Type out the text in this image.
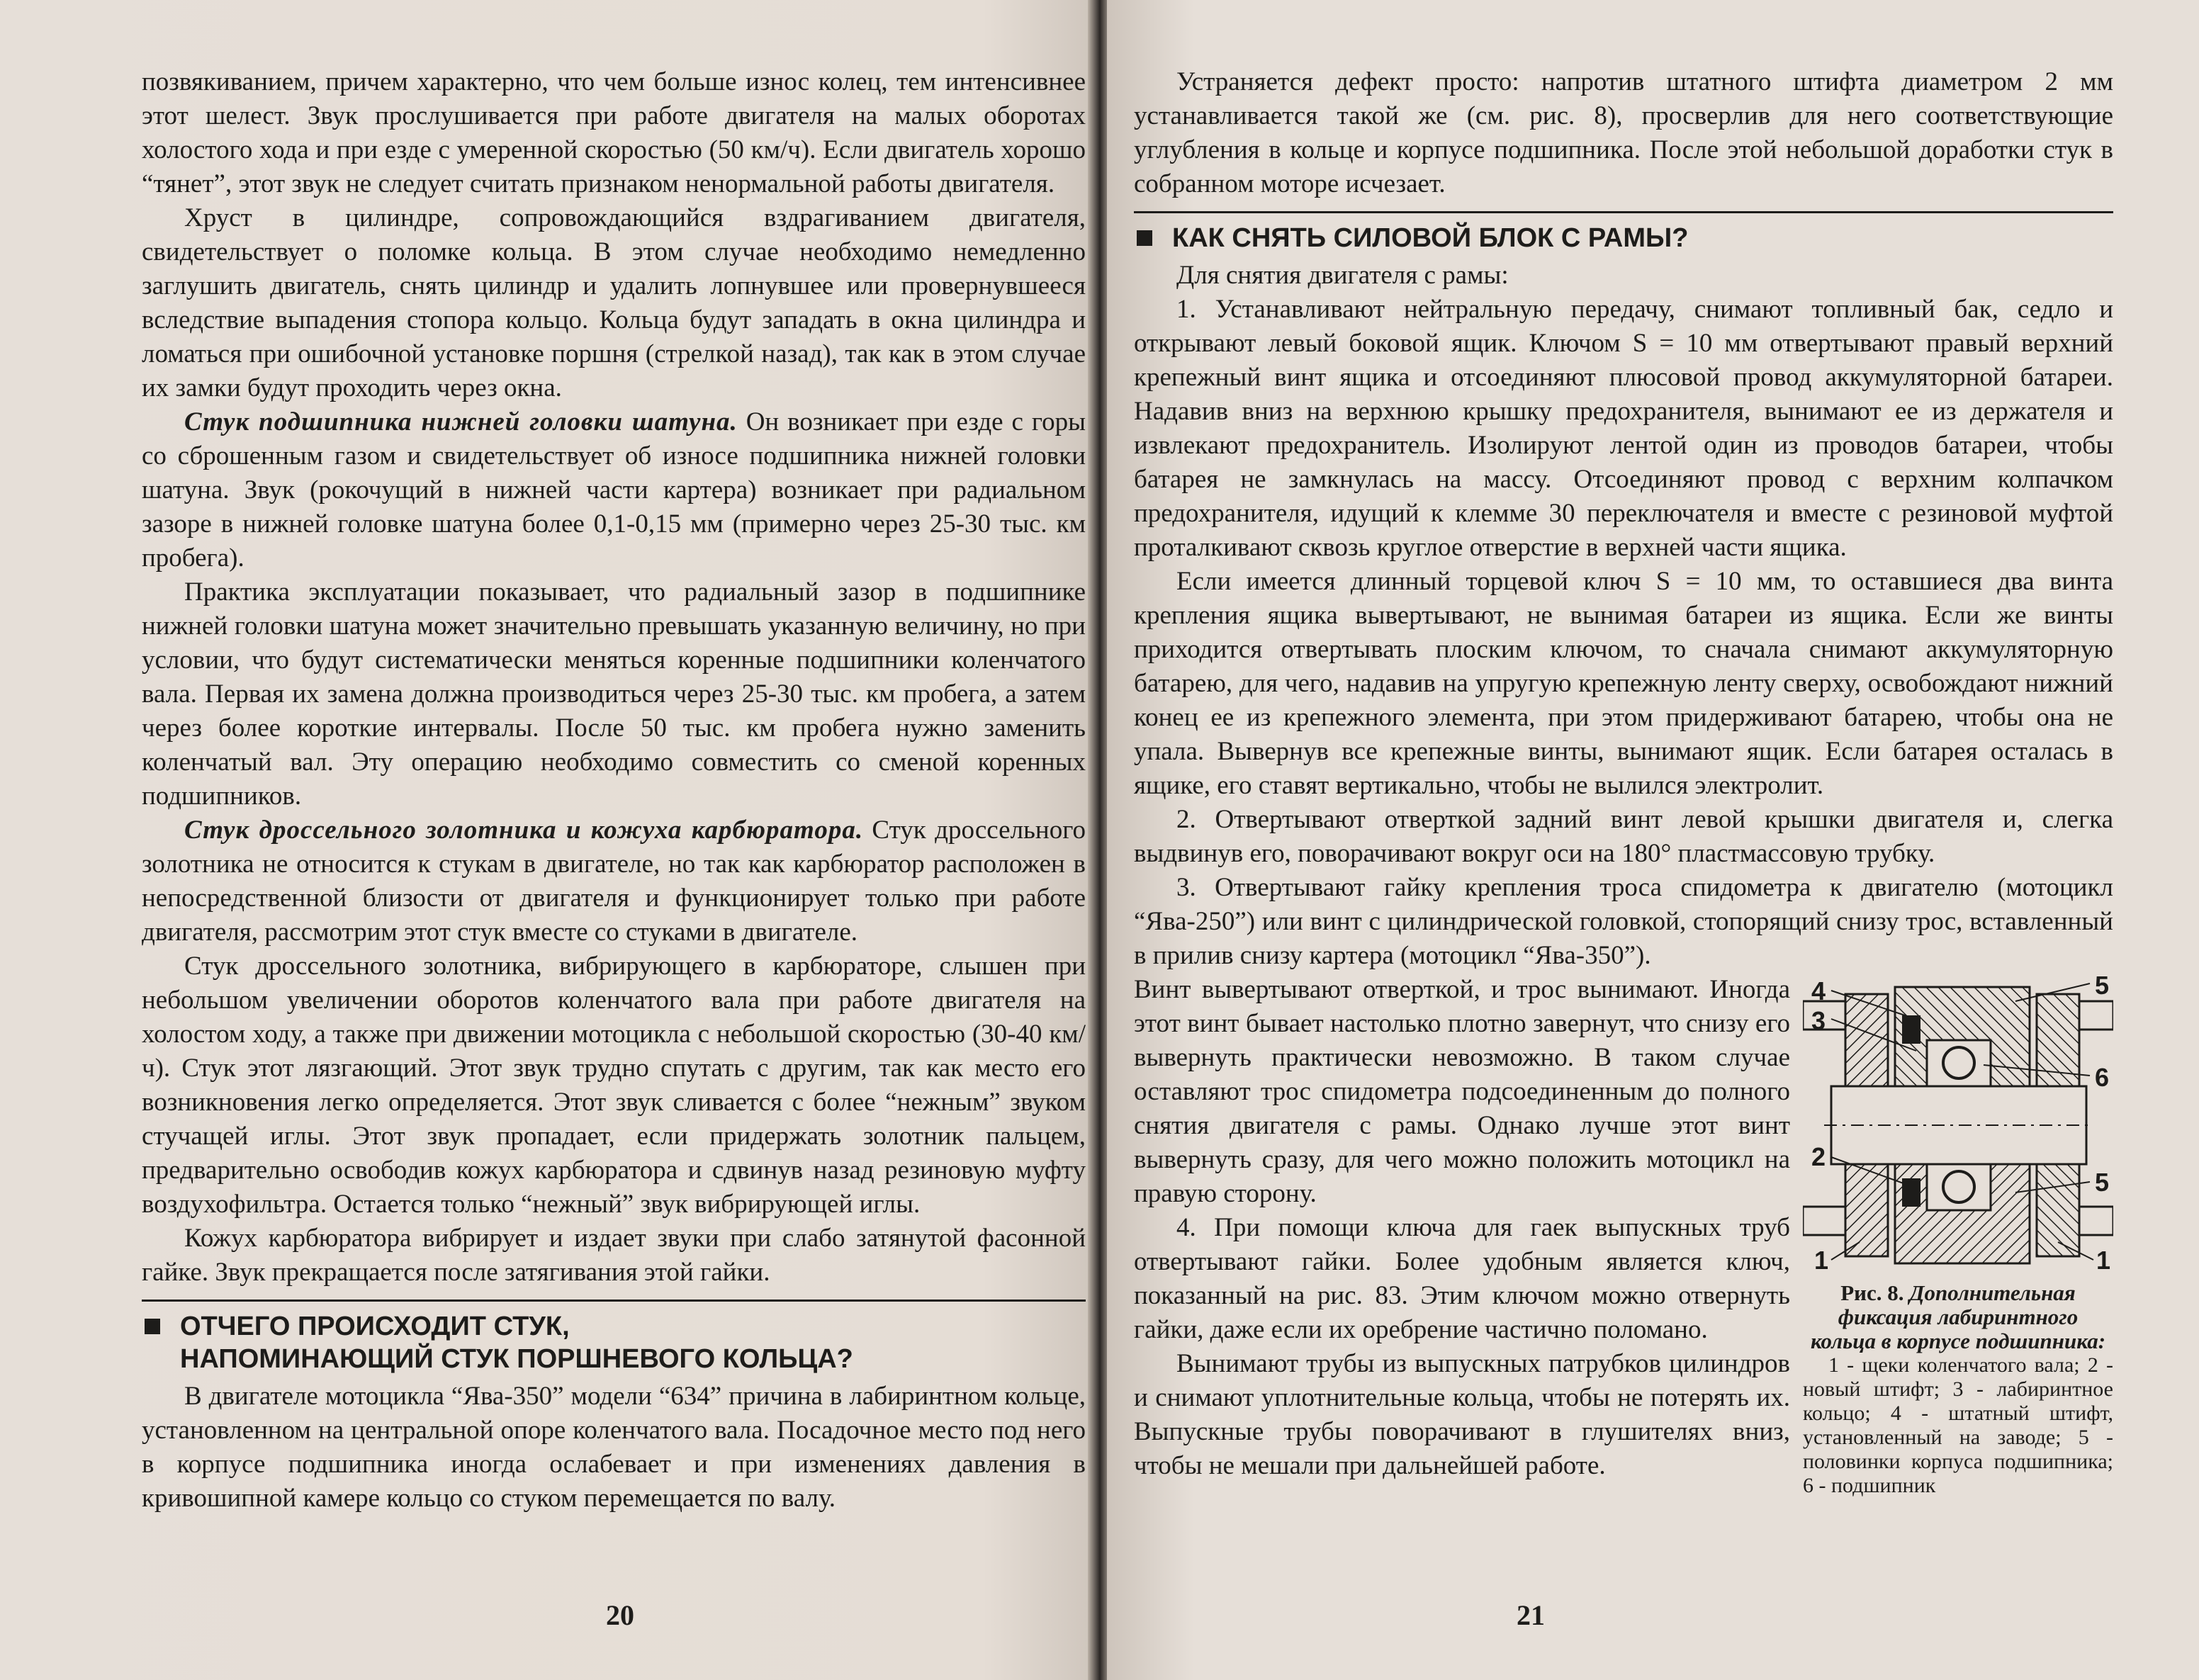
позвякиванием, причем характерно, что чем больше износ колец, тем интенсивнее этот шелест. Звук прослушивается при работе двигателя на малых оборотах холостого хода и при езде с умеренной скоростью (50 км/ч). Если двигатель хорошо “тянет”, этот звук не следует считать признаком ненормальной работы двигателя.

Хруст в цилиндре, сопровождающийся вздрагиванием двигателя, свидетельствует о поломке кольца. В этом случае необходимо немедленно заглушить двигатель, снять цилиндр и удалить лопнувшее или провернувшееся вследствие выпадения стопора кольцо. Кольца будут западать в окна цилиндра и ломаться при ошибочной установке поршня (стрелкой назад), так как в этом случае их замки будут проходить через окна.

Стук подшипника нижней головки шатуна. Он возникает при езде с горы со сброшенным газом и свидетельствует об износе подшипника нижней головки шатуна. Звук (рокочущий в нижней части картера) возникает при радиальном зазоре в нижней головке шатуна более 0,1-0,15 мм (примерно через 25-30 тыс. км пробега).

Практика эксплуатации показывает, что радиальный зазор в подшипнике нижней головки шатуна может значительно превышать указанную величину, но при условии, что будут систематически меняться коренные подшипники коленчатого вала. Первая их замена должна производиться через 25-30 тыс. км пробега, а затем через более короткие интервалы. После 50 тыс. км пробега нужно заменить коленчатый вал. Эту операцию необходимо совместить со сменой коренных подшипников.

Стук дроссельного золотника и кожуха карбюратора. Стук дроссельного золотника не относится к стукам в двигателе, но так как карбюратор расположен в непосредственной близости от двигателя и функционирует только при работе двигателя, рассмотрим этот стук вместе со стуками в двигателе.

Стук дроссельного золотника, вибрирующего в карбюраторе, слышен при небольшом увеличении оборотов коленчатого вала при работе двигателя на холостом ходу, а также при движении мотоцикла с небольшой скоростью (30-40 км/ч). Стук этот лязгающий. Этот звук трудно спутать с другим, так как место его возникновения легко определяется. Этот звук сливается с более “нежным” звуком стучащей иглы. Этот звук пропадает, если придержать золотник пальцем, предварительно освободив кожух карбюратора и сдвинув назад резиновую муфту воздухофильтра. Остается только “нежный” звук вибрирующей иглы.

Кожух карбюратора вибрирует и издает звуки при слабо затянутой фасонной гайке. Звук прекращается после затягивания этой гайки.

ОТЧЕГО ПРОИСХОДИТ СТУК,
НАПОМИНАЮЩИЙ СТУК ПОРШНЕВОГО КОЛЬЦА?

В двигателе мотоцикла “Ява-350” модели “634” причина в лабиринтном кольце, установленном на центральной опоре коленчатого вала. Посадочное место под него в корпусе подшипника иногда ослабевает и при изменениях давления в кривошипной камере кольцо со стуком перемещается по валу.

20

Устраняется дефект просто: напротив штатного штифта диаметром 2 мм устанавливается такой же (см. рис. 8), просверлив для него соответствующие углубления в кольце и корпусе подшипника. После этой небольшой доработки стук в собранном моторе исчезает.

КАК СНЯТЬ СИЛОВОЙ БЛОК С РАМЫ?

Для снятия двигателя с рамы:

1. Устанавливают нейтральную передачу, снимают топливный бак, седло и открывают левый боковой ящик. Ключом S = 10 мм отвертывают правый верхний крепежный винт ящика и отсоединяют плюсовой провод аккумуляторной батареи. Надавив вниз на верхнюю крышку предохранителя, вынимают ее из держателя и извлекают предохранитель. Изолируют лентой один из проводов батареи, чтобы батарея не замкнулась на массу. Отсоединяют провод с верхним колпачком предохранителя, идущий к клемме 30 переключателя и вместе с резиновой муфтой проталкивают сквозь круглое отверстие в верхней части ящика.

Если имеется длинный торцевой ключ S = 10 мм, то оставшиеся два винта крепления ящика вывертывают, не вынимая батареи из ящика. Если же винты приходится отвертывать плоским ключом, то сначала снимают аккумуляторную батарею, для чего, надавив на упругую крепежную ленту сверху, освобождают нижний конец ее из крепежного элемента, при этом придерживают батарею, чтобы она не упала. Вывернув все крепежные винты, вынимают ящик. Если батарея осталась в ящике, его ставят вертикально, чтобы не вылился электролит.

2. Отвертывают отверткой задний винт левой крышки двигателя и, слегка выдвинув его, поворачивают вокруг оси на 180° пластмассовую трубку.

3. Отвертывают гайку крепления троса спидометра к двигателю (мотоцикл “Ява-250”) или винт с цилиндрической головкой, стопорящий снизу трос, вставленный в прилив снизу картера (мотоцикл “Ява-350”).

4
3
2
1
5
6
5
1
Рис. 8. Дополнительная фиксация лабиринтного кольца в корпусе подшипника:
1 - щеки коленчатого вала; 2 - новый штифт; 3 - лабиринтное кольцо; 4 - штатный штифт, установленный на заводе; 5 - половинки корпуса подшипника; 6 - подшипник

Винт вывертывают отверткой, и трос вынимают. Иногда этот винт бывает настолько плотно завернут, что снизу его вывернуть практически невозможно. В таком случае оставляют трос спидометра подсоединенным до полного снятия двигателя с рамы. Однако лучше этот винт вывернуть сразу, для чего можно положить мотоцикл на правую сторону.

4. При помощи ключа для гаек выпускных труб отвертывают гайки. Более удобным является ключ, показанный на рис. 83. Этим ключом можно отвернуть гайки, даже если их оребрение частично поломано.

Вынимают трубы из выпускных патрубков цилиндров и снимают уплотнительные кольца, чтобы не потерять их. Выпускные трубы поворачивают в глушителях вниз, чтобы не мешали при дальнейшей работе.

21
